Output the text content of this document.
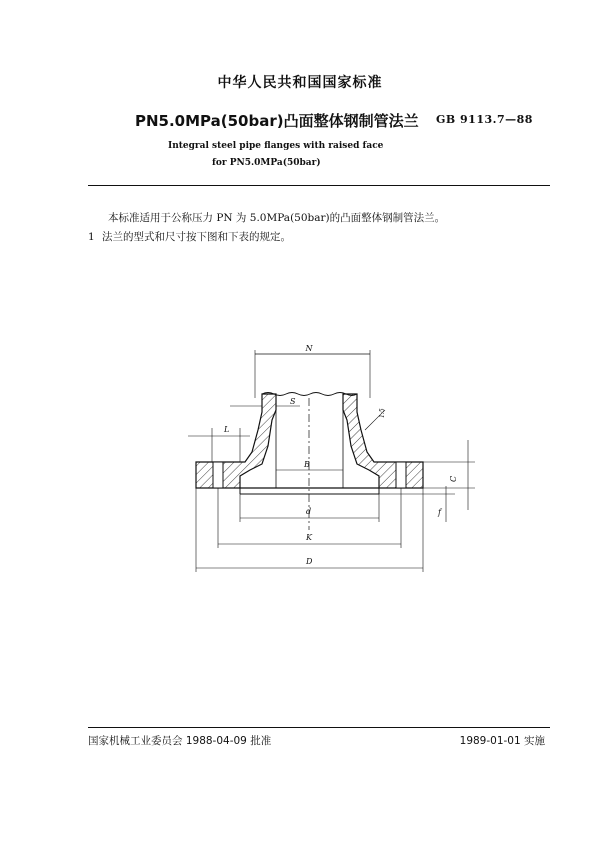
中华人民共和国国家标准
PN5.0MPa(50bar)凸面整体钢制管法兰 GB 9113.7—88
Integral steel pipe flanges with raised face
for PN5.0MPa(50bar)
本标准适用于公称压力 PN 为 5.0MPa(50bar)的凸面整体钢制管法兰。
1 法兰的型式和尺寸按下图和下表的规定。
N
S
L
B
1:5
d
K
D
C
f
国家机械工业委员会 1988-04-09 批准	1989-01-01 实施
